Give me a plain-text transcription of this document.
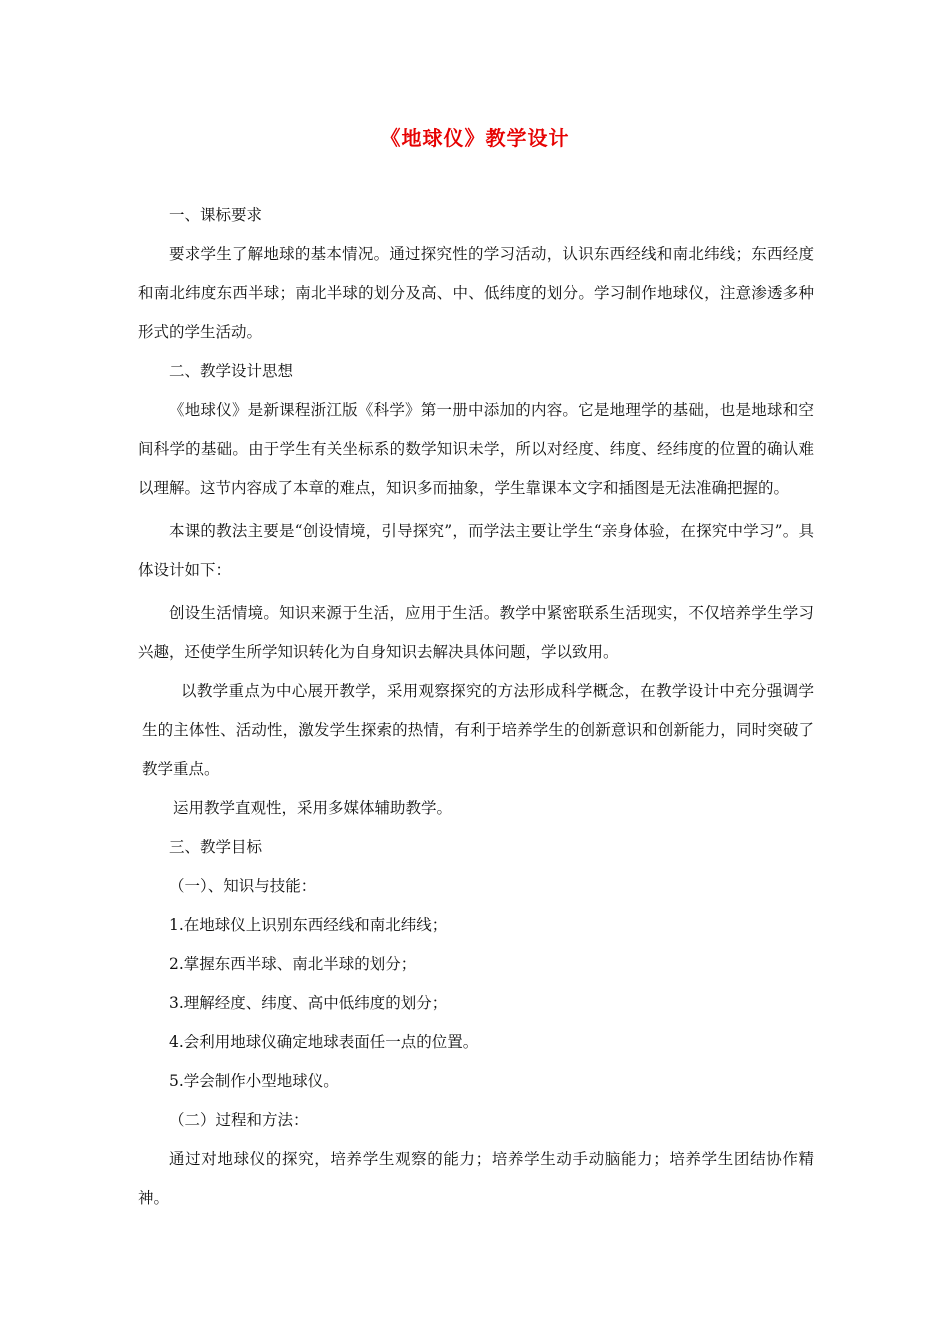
《地球仪》教学设计

一、课标要求

要求学生了解地球的基本情况。通过探究性的学习活动，认识东西经线和南北纬线；东西经度和南北纬度东西半球；南北半球的划分及高、中、低纬度的划分。学习制作地球仪，注意渗透多种形式的学生活动。

二、教学设计思想

《地球仪》是新课程浙江版《科学》第一册中添加的内容。它是地理学的基础，也是地球和空间科学的基础。由于学生有关坐标系的数学知识未学，所以对经度、纬度、经纬度的位置的确认难以理解。这节内容成了本章的难点，知识多而抽象，学生靠课本文字和插图是无法准确把握的。

本课的教法主要是“创设情境，引导探究”，而学法主要让学生“亲身体验，在探究中学习”。具体设计如下：

创设生活情境。知识来源于生活，应用于生活。教学中紧密联系生活现实，不仅培养学生学习兴趣，还使学生所学知识转化为自身知识去解决具体问题，学以致用。

以教学重点为中心展开教学，采用观察探究的方法形成科学概念，在教学设计中充分强调学生的主体性、活动性，激发学生探索的热情，有利于培养学生的创新意识和创新能力，同时突破了教学重点。

运用教学直观性，采用多媒体辅助教学。

三、教学目标

（一）、知识与技能：

1.在地球仪上识别东西经线和南北纬线；

2.掌握东西半球、南北半球的划分；

3.理解经度、纬度、高中低纬度的划分；

4.会利用地球仪确定地球表面任一点的位置。

5.学会制作小型地球仪。

（二）过程和方法：

通过对地球仪的探究，培养学生观察的能力；培养学生动手动脑能力；培养学生团结协作精神。
